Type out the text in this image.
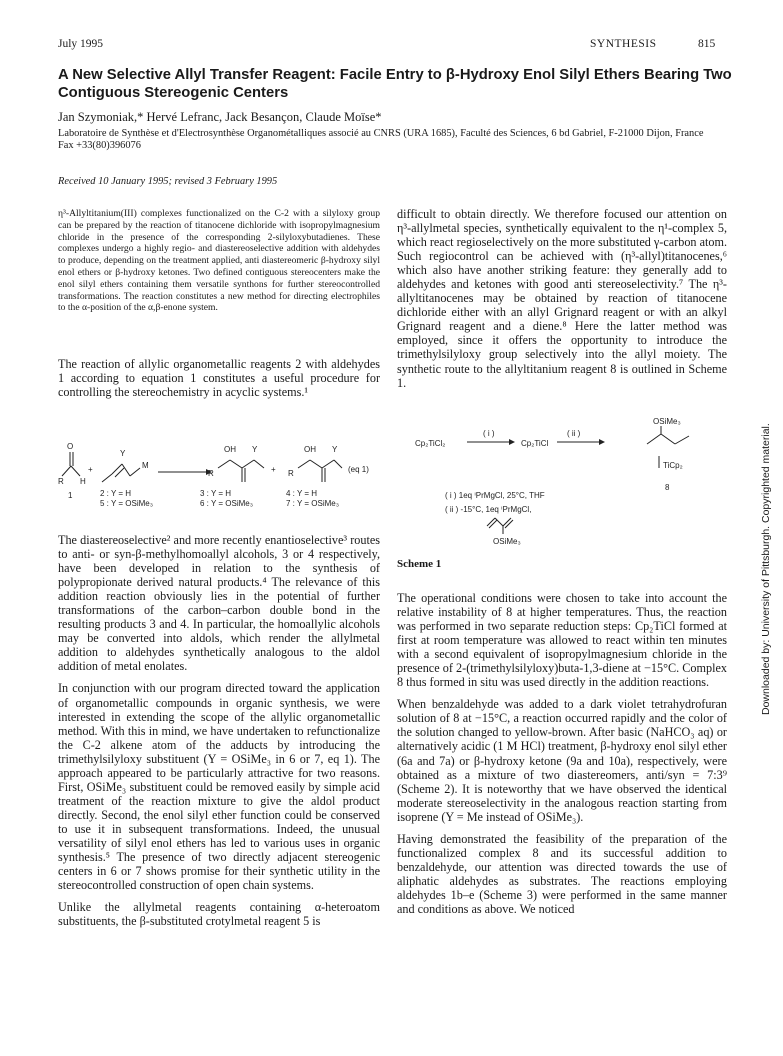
July 1995	SYNTHESIS	815
A New Selective Allyl Transfer Reagent: Facile Entry to β-Hydroxy Enol Silyl Ethers Bearing Two Contiguous Stereogenic Centers
Jan Szymoniak,* Hervé Lefranc, Jack Besançon, Claude Moïse*
Laboratoire de Synthèse et d'Electrosynthèse Organométalliques associé au CNRS (URA 1685), Faculté des Sciences, 6 bd Gabriel, F-21000 Dijon, France
Fax +33(80)396076
Received 10 January 1995; revised 3 February 1995
η³-Allyltitanium(III) complexes functionalized on the C-2 with a silyloxy group can be prepared by the reaction of titanocene dichloride with isopropylmagnesium chloride in the presence of the corresponding 2-silyloxybutadienes. These complexes undergo a highly regio- and diastereoselective addition with aldehydes to produce, depending on the treatment applied, anti diastereomeric β-hydroxy silyl enol ethers or β-hydroxy ketones. Two defined contiguous stereocenters make the enol silyl ethers containing them versatile synthons for further stereocontrolled transformations. The reaction constitutes a new method for directing electrophiles to the α-position of the α,β-enone system.
The reaction of allylic organometallic reagents 2 with aldehydes 1 according to equation 1 constitutes a useful procedure for controlling the stereochemistry in acyclic systems.¹
O
R H
+
Y
M
R
OH Y
+ R
OH Y
(eq 1)
1	2 : Y = H
5 : Y = OSiMe₃
3 : Y = H
6 : Y = OSiMe₃
4 : Y = H
7 : Y = OSiMe₃

The diastereoselective² and more recently enantioselective³ routes to anti- or syn-β-methylhomoallyl alcohols, 3 or 4 respectively, have been developed in relation to the synthesis of polypropionate derived natural products.⁴ The relevance of this addition reaction obviously lies in the potential of further transformations of the carbon–carbon double bond in the resulting products 3 and 4. In particular, the homoallylic alcohols may be converted into aldols, which render the allylmetal addition to aldehydes synthetically analogous to the aldol addition of metal enolates.

In conjunction with our program directed toward the application of organometallic compounds in organic synthesis, we were interested in extending the scope of the allylic organometallic method. With this in mind, we have undertaken to refunctionalize the C-2 alkene atom of the adducts by introducing the trimethylsilyloxy substituent (Y = OSiMe₃ in 6 or 7, eq 1). The approach appeared to be particularly attractive for two reasons. First, OSiMe₃ substituent could be removed easily by simple acid treatment of the reaction mixture to give the aldol product directly. Second, the enol silyl ether function could be conserved to use it in subsequent transformations. Indeed, the unusual versatility of silyl enol ethers has led to various uses in organic synthesis.⁵ The presence of two directly adjacent stereogenic centers in 6 or 7 shows promise for their synthetic utility in the stereocontrolled construction of open chain systems.

Unlike the allylmetal reagents containing α-heteroatom substituents, the β-substituted crotylmetal reagent 5 is

difficult to obtain directly. We therefore focused our attention on η³-allylmetal species, synthetically equivalent to the η¹-complex 5, which react regioselectively on the more substituted γ-carbon atom. Such regiocontrol can be achieved with (η³-allyl)titanocenes,⁶ which also have another striking feature: they generally add to aldehydes and ketones with good anti stereoselectivity.⁷ The η³-allyltitanocenes may be obtained by reaction of titanocene dichloride either with an allyl Grignard reagent or with an alkyl Grignard reagent and a diene.⁸ Here the latter method was employed, since it offers the opportunity to introduce the trimethylsilyloxy group selectively into the allyl moiety. The synthetic route to the allyltitanium reagent 8 is outlined in Scheme 1.
Cp₂TiCl₂
( i )
Cp₂TiCl
( ii )
OSiMe₃
TiCp₂
8
( i ) 1eq ⁱPrMgCl, 25°C, THF
( ii ) -15°C, 1eq ⁱPrMgCl,
OSiMe₃
Scheme 1

The operational conditions were chosen to take into account the relative instability of 8 at higher temperatures. Thus, the reaction was performed in two separate reduction steps: Cp₂TiCl formed at first at room temperature was allowed to react within ten minutes with a second equivalent of isopropylmagnesium chloride in the presence of 2-(trimethylsilyloxy)buta-1,3-diene at −15°C. Complex 8 thus formed in situ was used directly in the addition reactions.

When benzaldehyde was added to a dark violet tetrahydrofuran solution of 8 at −15°C, a reaction occurred rapidly and the color of the solution changed to yellow-brown. After basic (NaHCO₃ aq) or alternatively acidic (1 M HCl) treatment, β-hydroxy enol silyl ether (6a and 7a) or β-hydroxy ketone (9a and 10a), respectively, were obtained as a mixture of two diastereomers, anti/syn = 7:3⁹ (Scheme 2). It is noteworthy that we have observed the identical moderate stereoselectivity in the analogous reaction starting from isoprene (Y = Me instead of OSiMe₃).

Having demonstrated the feasibility of the preparation of the functionalized complex 8 and its successful addition to benzaldehyde, our attention was directed towards the use of aliphatic aldehydes as substrates. The reactions employing aldehydes 1b–e (Scheme 3) were performed in the same manner and conditions as above. We noticed

Downloaded by: University of Pittsburgh. Copyrighted material.
